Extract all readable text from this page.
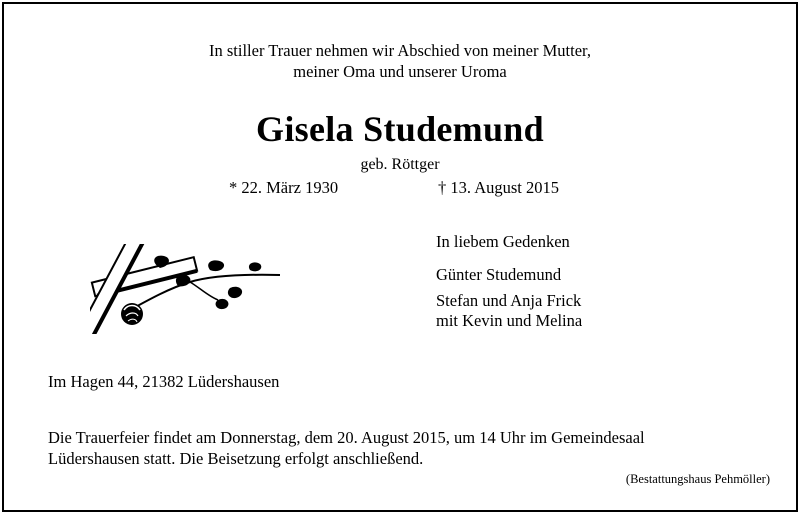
In stiller Trauer nehmen wir Abschied von meiner Mutter,
meiner Oma und unserer Uroma
Gisela Studemund
geb. Röttger
* 22. März 1930	† 13. August 2015
In liebem Gedenken
Günter Studemund
Stefan und Anja Frick
mit Kevin und Melina
Im Hagen 44, 21382 Lüdershausen
Die Trauerfeier findet am Donnerstag, dem 20. August 2015, um 14 Uhr im Gemeindesaal
Lüdershausen statt. Die Beisetzung erfolgt anschließend.
(Bestattungshaus Pehmöller)
